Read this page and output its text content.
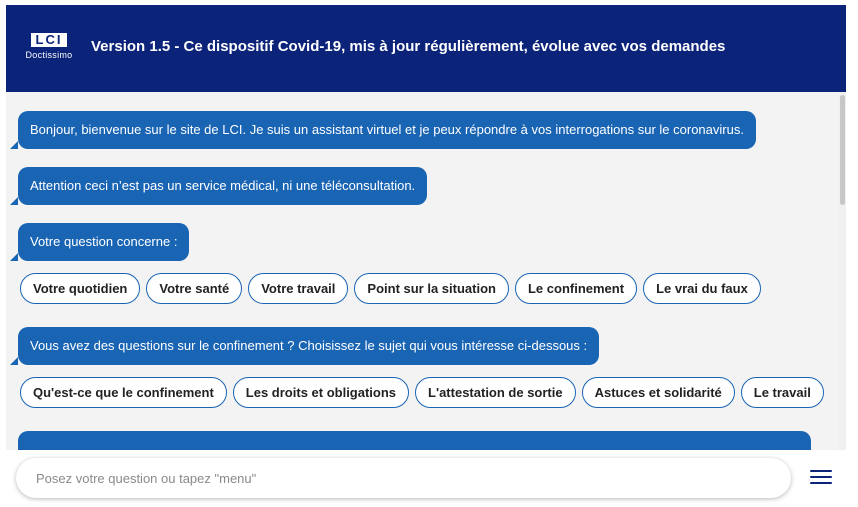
LCI
Doctissimo Version 1.5 - Ce dispositif Covid-19, mis à jour régulièrement, évolue avec vos demandes
Bonjour, bienvenue sur le site de LCI. Je suis un assistant virtuel et je peux répondre à vos interrogations sur le coronavirus.
Attention ceci n’est pas un service médical, ni une téléconsultation.
Votre question concerne :
Votre quotidien	Votre santé	Votre travail	Point sur la situation	Le confinement	Le vrai du faux
Vous avez des questions sur le confinement ? Choisissez le sujet qui vous intéresse ci-dessous :
Qu'est-ce que le confinement	Les droits et obligations	L'attestation de sortie	Astuces et solidarité	Le travail
Posez votre question ou tapez "menu"
